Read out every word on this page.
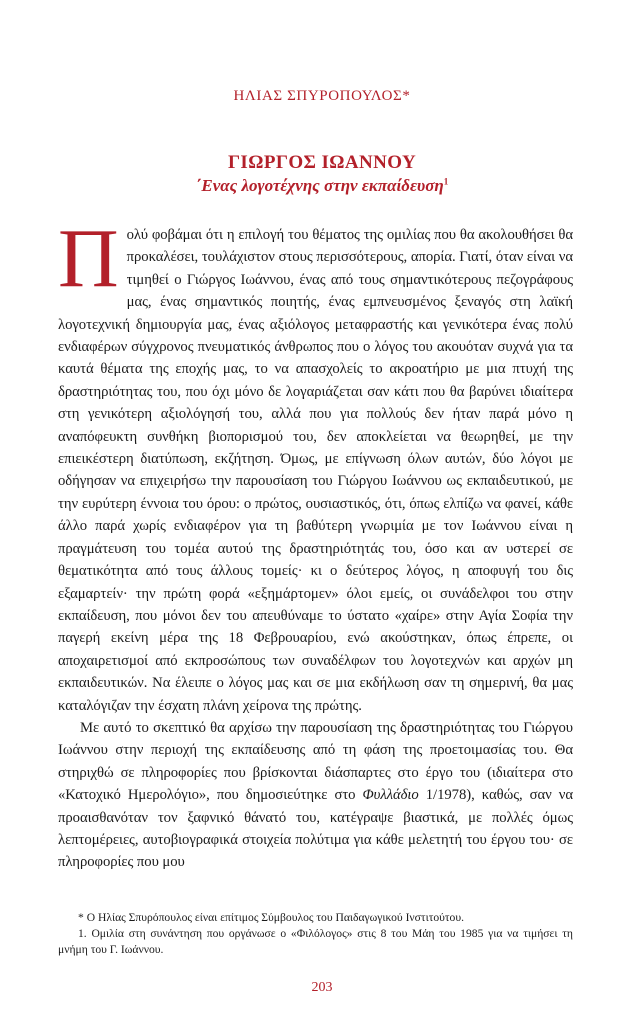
ΗΛΙΑΣ ΣΠΥΡΟΠΟΥΛΟΣ*
ΓΙΩΡΓΟΣ ΙΩΑΝΝΟΥ
΄Ενας λογοτέχνης στην εκπαίδευση$^1$

Πολύ φοβάμαι ότι η επιλογή του θέματος της ομιλίας που θα ακολουθήσει θα προκαλέσει, τουλάχιστον στους περισσότερους, απορία. Γιατί, όταν είναι να τιμηθεί ο Γιώργος Ιωάννου, ένας από τους σημαντικότερους πεζογράφους μας, ένας σημαντικός ποιητής, ένας εμπνευσμένος ξεναγός στη λαϊκή λογοτεχνική δημιουργία μας, ένας αξιόλογος μεταφραστής και γενικότερα ένας πολύ ενδιαφέρων σύγχρονος πνευματικός άνθρωπος που ο λόγος του ακουόταν συχνά για τα καυτά θέματα της εποχής μας, το να απασχολείς το ακροατήριο με μια πτυχή της δραστηριότητας του, που όχι μόνο δε λογαριάζεται σαν κάτι που θα βαρύνει ιδιαίτερα στη γενικότερη αξιολόγησή του, αλλά που για πολλούς δεν ήταν παρά μόνο η αναπόφευκτη συνθήκη βιοπορισμού του, δεν αποκλείεται να θεωρηθεί, με την επιεικέστερη διατύπωση, εκζήτηση. Όμως, με επίγνωση όλων αυτών, δύο λόγοι με οδήγησαν να επιχειρήσω την παρουσίαση του Γιώργου Ιωάννου ως εκπαιδευτικού, με την ευρύτερη έννοια του όρου: ο πρώτος, ουσιαστικός, ότι, όπως ελπίζω να φανεί, κάθε άλλο παρά χωρίς ενδιαφέρον για τη βαθύτερη γνωριμία με τον Ιωάννου είναι η πραγμάτευση του τομέα αυτού της δραστηριότητάς του, όσο και αν υστερεί σε θεματικότητα από τους άλλους τομείς· κι ο δεύτερος λόγος, η αποφυγή του δις εξαμαρτείν· την πρώτη φορά «εξημάρτομεν» όλοι εμείς, οι συνάδελφοι του στην εκπαίδευση, που μόνοι δεν του απευθύναμε το ύστατο «χαίρε» στην Αγία Σοφία την παγερή εκείνη μέρα της 18 Φεβρουαρίου, ενώ ακούστηκαν, όπως έπρεπε, οι αποχαιρετισμοί από εκπροσώπους των συναδέλφων του λογοτεχνών και αρχών μη εκπαιδευτικών. Να έλειπε ο λόγος μας και σε μια εκδήλωση σαν τη σημερινή, θα μας καταλόγιζαν την έσχατη πλάνη χείρονα της πρώτης.

Με αυτό το σκεπτικό θα αρχίσω την παρουσίαση της δραστηριότητας του Γιώργου Ιωάννου στην περιοχή της εκπαίδευσης από τη φάση της προετοιμασίας του. Θα στηριχθώ σε πληροφορίες που βρίσκονται διάσπαρτες στο έργο του (ιδιαίτερα στο «Κατοχικό Ημερολόγιο», που δημοσιεύτηκε στο Φυλλάδιο 1/1978), καθώς, σαν να προαισθανόταν τον ξαφνικό θάνατό του, κατέγραψε βιαστικά, με πολλές όμως λεπτομέρειες, αυτοβιογραφικά στοιχεία πολύτιμα για κάθε μελετητή του έργου του· σε πληροφορίες που μου

* Ο Ηλίας Σπυρόπουλος είναι επίτιμος Σύμβουλος του Παιδαγωγικού Ινστιτούτου.

1. Ομιλία στη συνάντηση που οργάνωσε ο «Φιλόλογος» στις 8 του Μάη του 1985 για να τιμήσει τη μνήμη του Γ. Ιωάννου.

203
